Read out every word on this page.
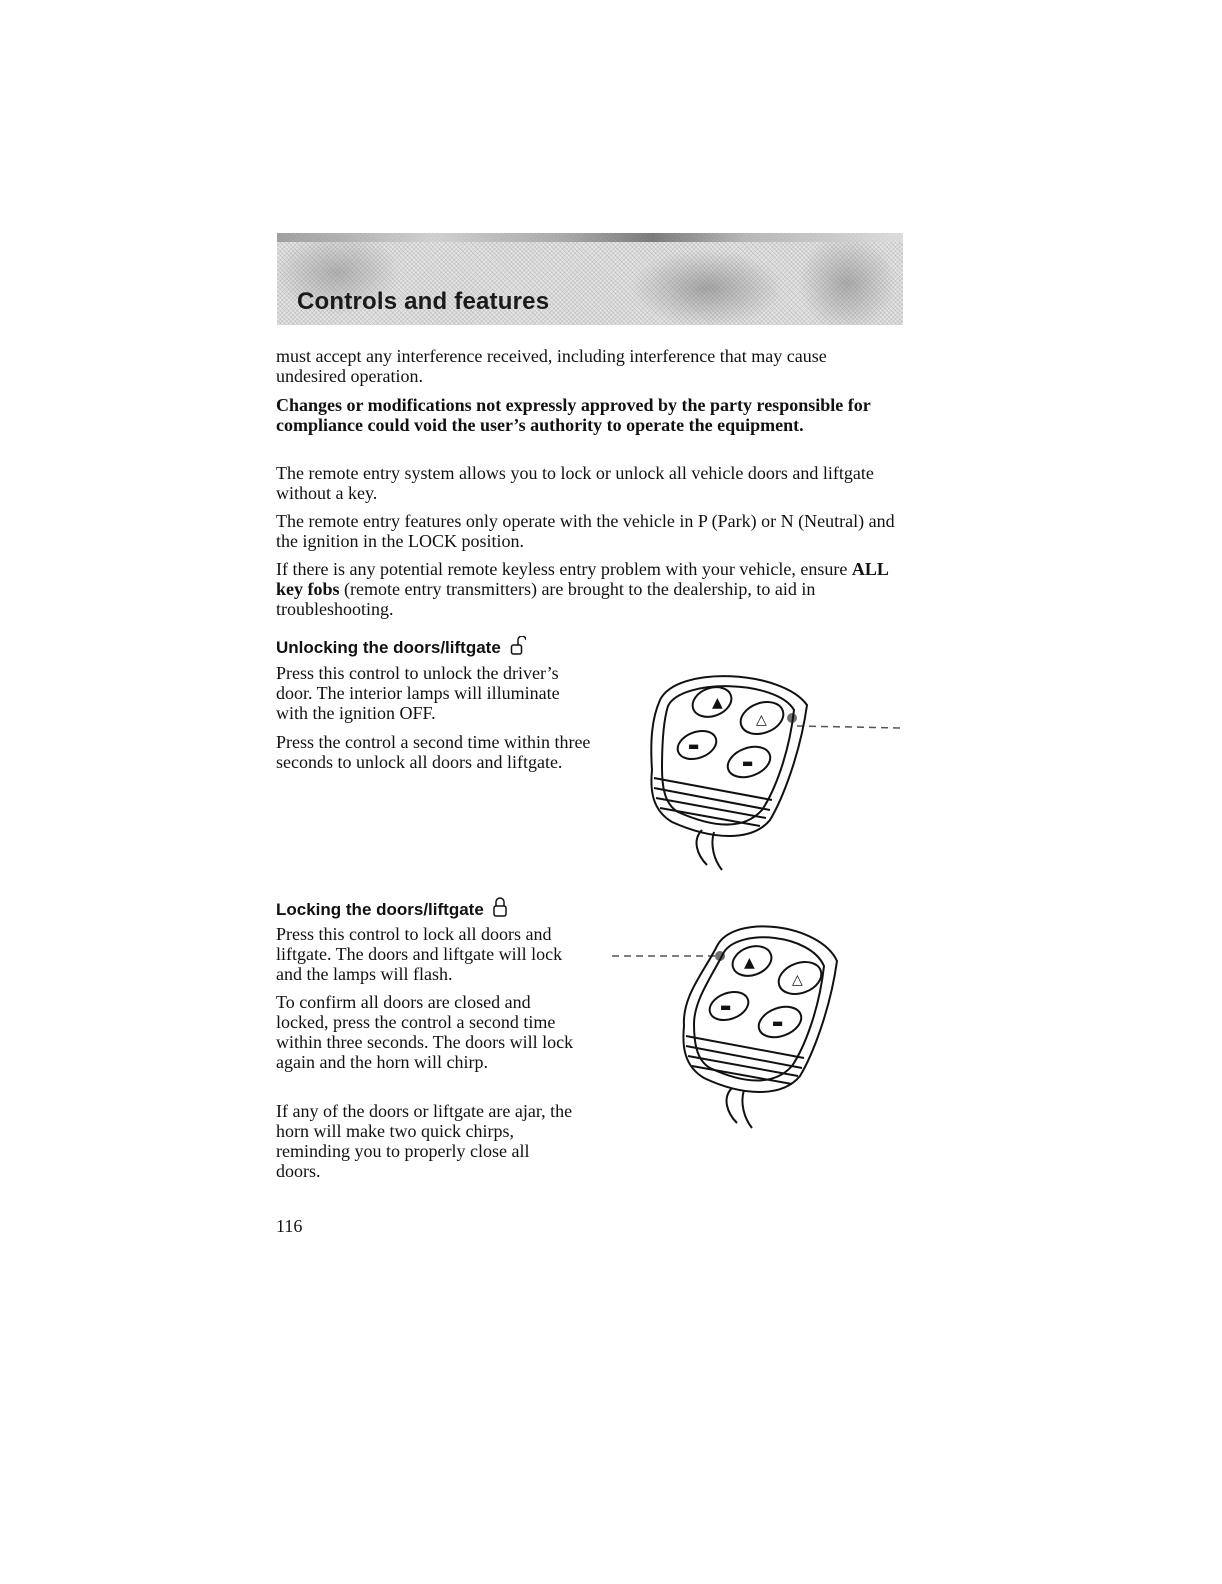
Controls and features

must accept any interference received, including interference that may cause undesired operation.

Changes or modifications not expressly approved by the party responsible for compliance could void the user’s authority to operate the equipment.

The remote entry system allows you to lock or unlock all vehicle doors and liftgate without a key.

The remote entry features only operate with the vehicle in P (Park) or N (Neutral) and the ignition in the LOCK position.

If there is any potential remote keyless entry problem with your vehicle, ensure ALL key fobs (remote entry transmitters) are brought to the dealership, to aid in troubleshooting.

Unlocking the doors/liftgate

Press this control to unlock the driver’s door. The interior lamps will illuminate with the ignition OFF.

Press the control a second time within three seconds to unlock all doors and liftgate.

▲
△
▬
▬

Locking the doors/liftgate

Press this control to lock all doors and liftgate. The doors and liftgate will lock and the lamps will flash.

To confirm all doors are closed and locked, press the control a second time within three seconds. The doors will lock again and the horn will chirp.

If any of the doors or liftgate are ajar, the horn will make two quick chirps, reminding you to properly close all doors.

▲
△
▬
▬
116
